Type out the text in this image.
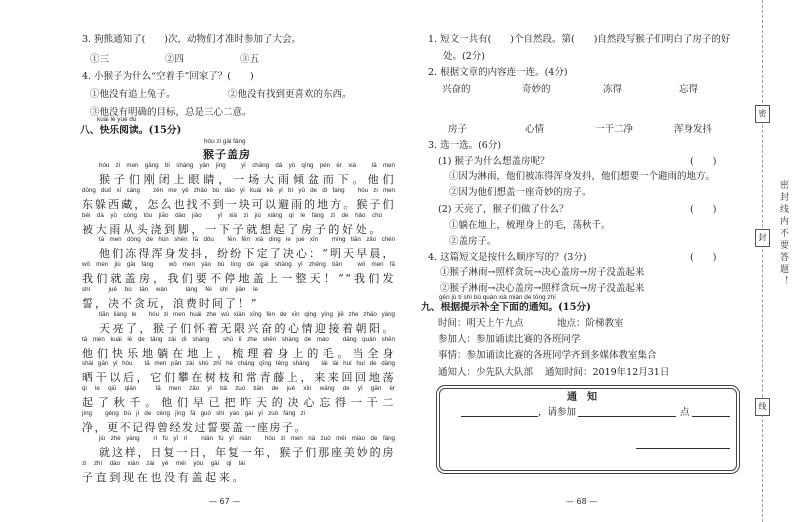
3. 狗熊通知了(　　)次，动物们才准时参加了大会。
①三	②四	③五
4. 小猴子为什么“空着手”回家了？(　　)
①他没有追上兔子。	②他没有找到更喜欢的东西。
③他没有明确的目标，总是三心二意。
kuài lè yuè dú
八、快乐阅读。(15分)
hóu zi gài fáng
猴子盖房
hóu zi men gāng bì shàng yǎn jīng　yī chǎng dà yǔ qīng pén ér xià　tā men
猴子们刚闭上眼睛，一场大雨倾盆而下。他们
dōng duǒ xī cáng　zěn me yě zhǎo bù dào yī kuài kě yǐ bì yǔ de dì fang　hóu zi men
东躲西藏，怎么也找不到一块可以避雨的地方。猴子们
bèi dà yǔ cóng tóu jiāo dào jiǎo　yī xià zi jiù xiǎng qǐ le fáng zi de hǎo chù
被大雨从头浇到脚，一下子就想起了房子的好处。
tā men dòng de hún shēn fā dǒu　fēn fēn xià dìng le jué xīn　míng tiān zǎo chén
他们冻得浑身发抖，纷纷下定了决心：“明天早晨，
wǒ men jiù gài fáng　wǒ men yào bù tíng de gài shàng yī zhěng tiān　wǒ men fā
我们就盖房，我们要不停地盖上一整天！”“我们发
shì　jué bù tān wán　làng fèi shí jiān le
誓，决不贪玩，浪费时间了！”
tiān liàng le　hóu zi men huái zhe wú xiàn xīng fèn de xīn qíng yíng jiē zhe zhāo yáng
天亮了，猴子们怀着无限兴奋的心情迎接着朝阳。
tā men kuài lè de tǎng zài dì shàng　shū lǐ zhe shēn shàng de máo　dāng quán shēn
他们快乐地躺在地上，梳理着身上的毛。当全身
shài gān yǐ hòu　tā men pān zài shù zhī hé cháng qīng téng shàng　lái lái huí huí de dàng
晒干以后，它们攀在树枝和常青藤上，来来回回地荡
qǐ le qiū qiān　tā men zǎo yǐ bǎ zuó tiān de jué xīn wàng de yī gān èr
起了秋千。他们早已把昨天的决心忘得一干二
jìng　gèng bù jì de céng jīng fā guò shì yào gài yī zuò fáng zi
净，更不记得曾经发过誓要盖一座房子。
jiù zhè yàng　rì fù yī rì　nián fù yī nián　hóu zi men nà zuò měi miào de fáng
就这样，日复一日，年复一年，猴子们那座美妙的房
zi zhí dào xiàn zài yě méi yǒu gài qǐ lái
子直到现在也没有盖起来。
— 67 —
1. 短文一共有(　　)个自然段。第(　　)自然段写猴子们明白了房子的好
处。(2分)
2. 根据文章的内容连一连。(4分)
兴奋的	奇妙的	冻得	忘得
房子	心情	一干二净	浑身发抖
3. 选一选。(6分)
(1) 猴子为什么想盖房呢？	(　　)
①因为淋雨，他们被冻得浑身发抖，他们想要一个避雨的地方。
②因为他们想盖一座奇妙的房子。
(2) 天亮了，猴子们做了什么？	(　　)
①躺在地上，梳理身上的毛，荡秋千。
②盖房子。
4. 这篇短文是按什么顺序写的？(3分)	(　　)
①猴子淋雨→照样贪玩→决心盖房→房子没盖起来
②猴子淋雨→决心盖房→照样贪玩→房子没盖起来
gēn jù tí shì bǔ quán xià miàn de tōng zhī
九、根据提示补全下面的通知。(15分)
时间：明天上午九点	地点：阶梯教室
参加人：参加诵读比赛的各班同学
事情：参加诵读比赛的各班同学齐到多媒体教室集合
通知人：少先队大队部 通知时间：2019年12月31日
通　知
，请参加	点
— 68 —
密
封
线
密封线内不要答题！
